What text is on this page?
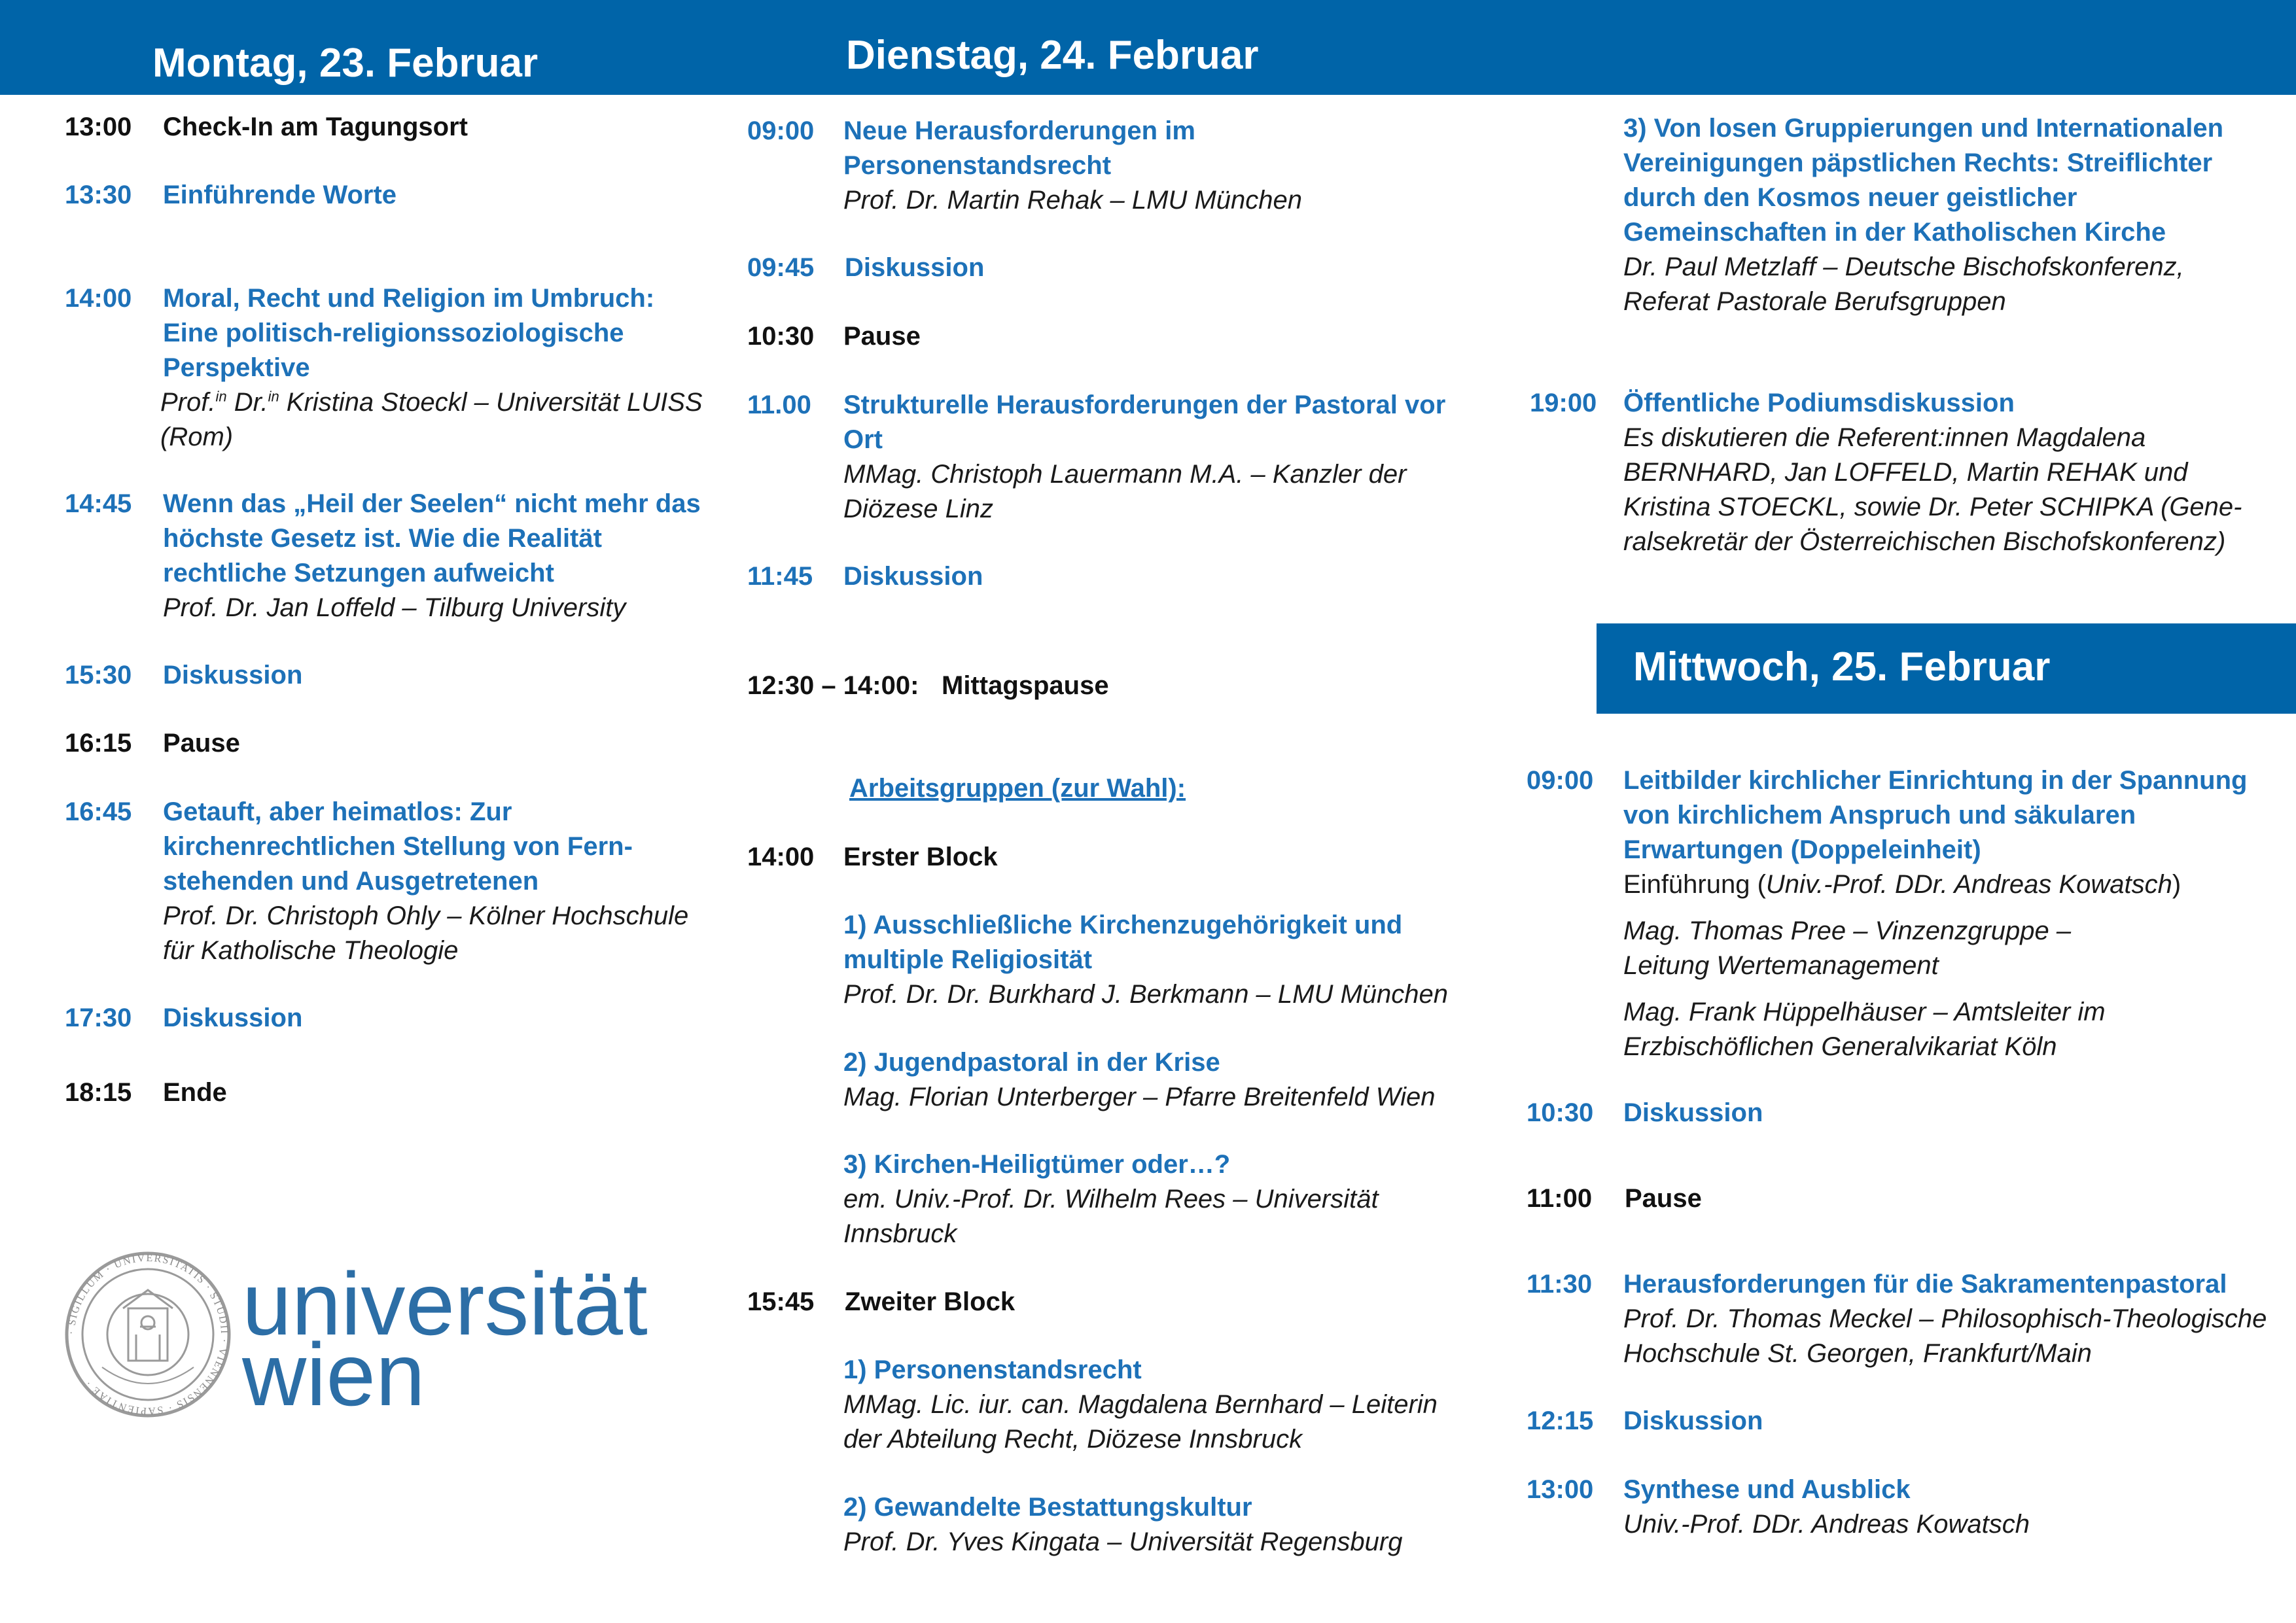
Montag, 23. Februar	Dienstag, 24. Februar
Mittwoch, 25. Februar
13:00 Check-In am Tagungsort
13:30 Einführende Worte
14:00 Moral, Recht und Religion im Umbruch: Eine politisch-religionssoziologische Perspektive
Prof.$^{in}$ Dr.$^{in}$ Kristina Stoeckl – Universität LUISS (Rom)
14:45 Wenn das „Heil der Seelen“ nicht mehr das höchste Gesetz ist. Wie die Realität rechtliche Setzungen aufweicht
Prof. Dr. Jan Loffeld – Tilburg University
15:30 Diskussion
16:15 Pause
16:45 Getauft, aber heimatlos: Zur kirchenrechtlichen Stellung von Fernstehenden und Ausgetretenen
Prof. Dr. Christoph Ohly – Kölner Hochschule für Katholische Theologie
17:30 Diskussion
18:15 Ende
· SIGILLUM · UNIVERSITATIS · STUDII · VIENNENSIS · SAPIENTIAE ·
universität
wien
09:00 Neue Herausforderungen im Personenstandsrecht
Prof. Dr. Martin Rehak – LMU München
09:45 Diskussion
10:30 Pause
11.00 Strukturelle Herausforderungen der Pastoral vor Ort
MMag. Christoph Lauermann M.A. – Kanzler der Diözese Linz
11:45 Diskussion
12:30 – 14:00: Mittagspause
Arbeitsgruppen (zur Wahl):
14:00 Erster Block
1) Ausschließliche Kirchenzugehörigkeit und multiple Religiosität
Prof. Dr. Dr. Burkhard J. Berkmann – LMU München
2) Jugendpastoral in der Krise
Mag. Florian Unterberger – Pfarre Breitenfeld Wien
3) Kirchen-Heiligtümer oder…?
em. Univ.-Prof. Dr. Wilhelm Rees – Universität Innsbruck
15:45 Zweiter Block
1) Personenstandsrecht
MMag. Lic. iur. can. Magdalena Bernhard – Leiterin der Abteilung Recht, Diözese Innsbruck
2) Gewandelte Bestattungskultur
Prof. Dr. Yves Kingata – Universität Regensburg
3) Von losen Gruppierungen und Internationalen Vereinigungen päpstlichen Rechts: Streiflichter durch den Kosmos neuer geistlicher Gemeinschaften in der Katholischen Kirche
Dr. Paul Metzlaff – Deutsche Bischofskonferenz, Referat Pastorale Berufsgruppen
19:00 Öffentliche Podiumsdiskussion
Es diskutieren die Referent:innen Magdalena BERNHARD, Jan LOFFELD, Martin REHAK und Kristina STOECKL, sowie Dr. Peter SCHIPKA (Generalsekretär der Österreichischen Bischofskonferenz)
09:00 Leitbilder kirchlicher Einrichtung in der Spannung von kirchlichem Anspruch und säkularen Erwartungen (Doppeleinheit)
Einführung (Univ.-Prof. DDr. Andreas Kowatsch)
Mag. Thomas Pree – Vinzenzgruppe – Leitung Wertemanagement
Mag. Frank Hüppelhäuser – Amtsleiter im Erzbischöflichen Generalvikariat Köln
10:30 Diskussion
11:00 Pause
11:30 Herausforderungen für die Sakramentenpastoral
Prof. Dr. Thomas Meckel – Philosophisch-Theologische Hochschule St. Georgen, Frankfurt/Main
12:15 Diskussion
13:00 Synthese und Ausblick
Univ.-Prof. DDr. Andreas Kowatsch
